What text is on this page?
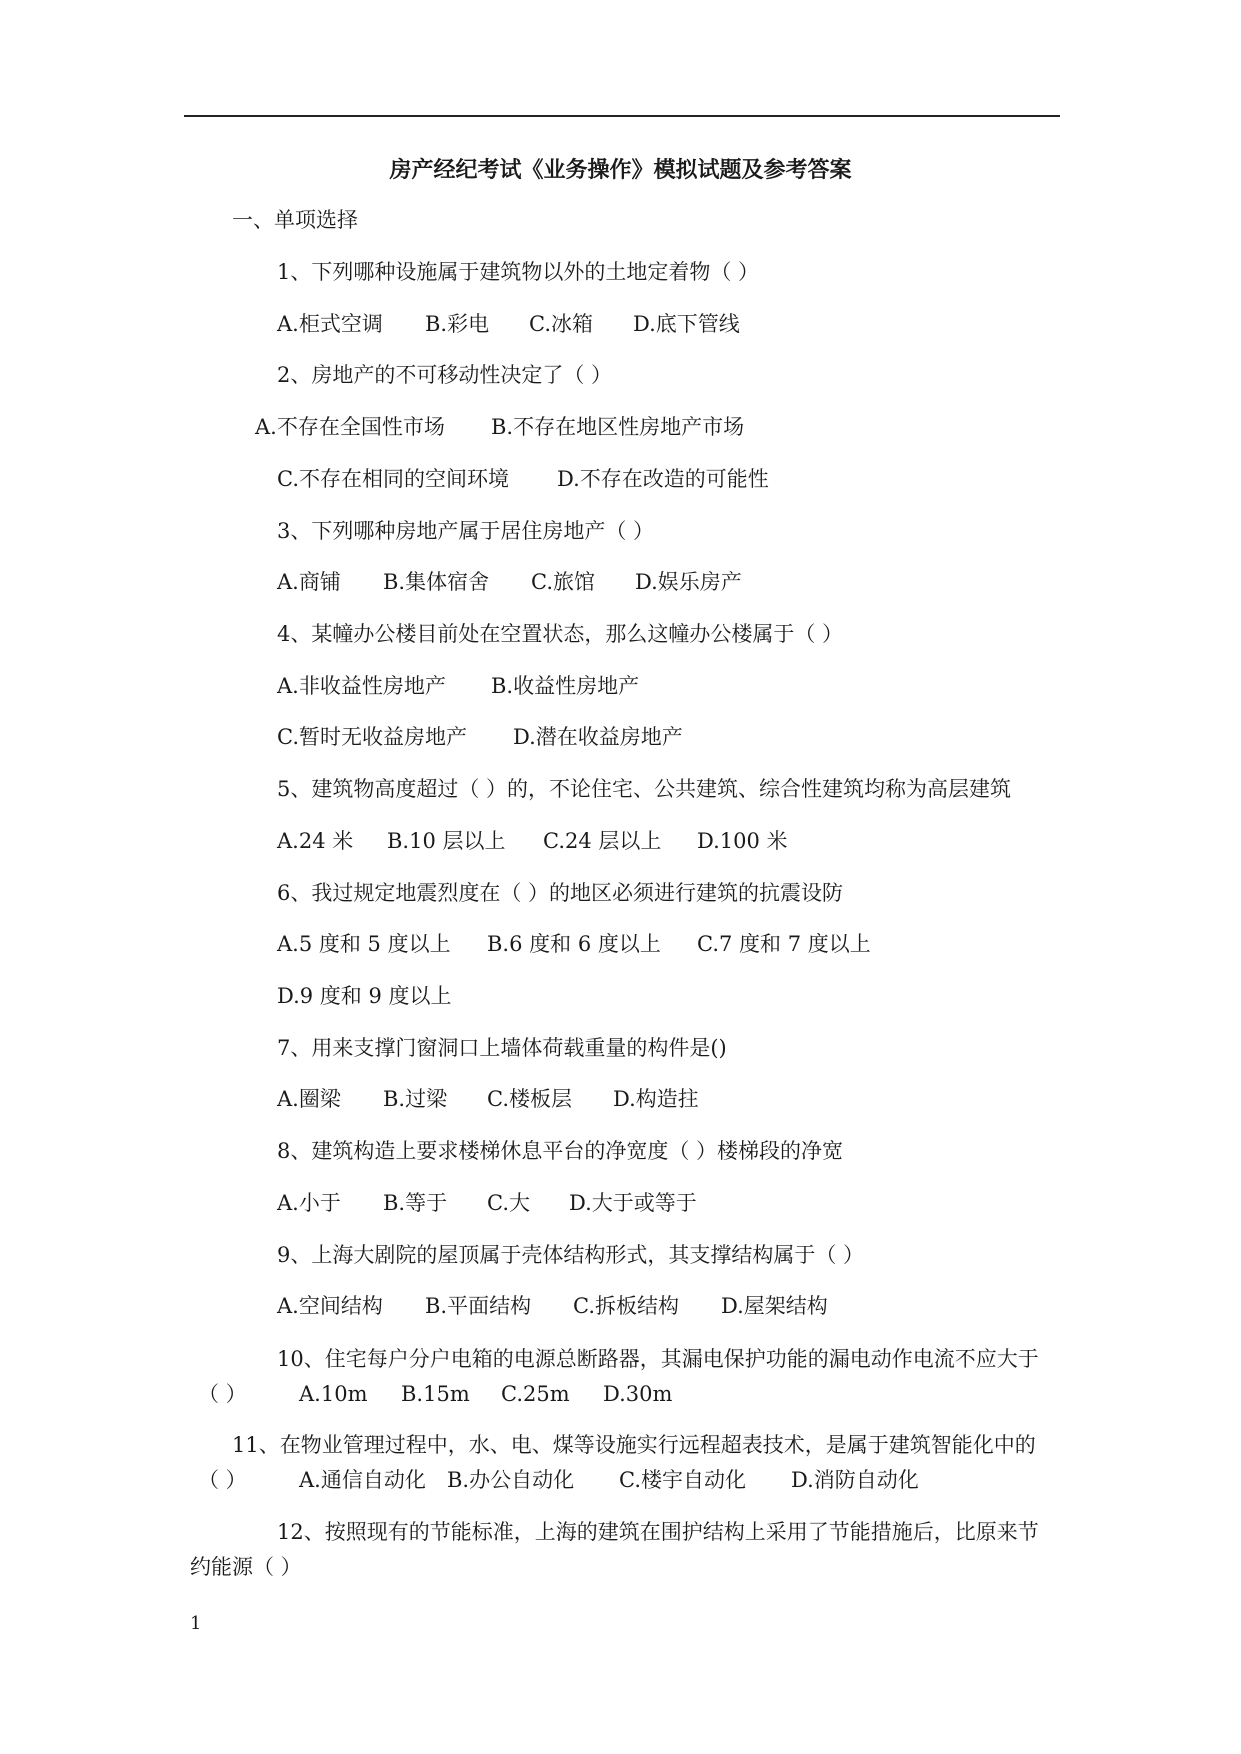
房产经纪考试《业务操作》模拟试题及参考答案
一、单项选择
1、下列哪种设施属于建筑物以外的土地定着物（ ）
A.柜式空调 B.彩电 C.冰箱 D.底下管线
2、房地产的不可移动性决定了（ ）
A.不存在全国性市场 B.不存在地区性房地产市场
C.不存在相同的空间环境 D.不存在改造的可能性
3、下列哪种房地产属于居住房地产（ ）
A.商铺 B.集体宿舍 C.旅馆 D.娱乐房产
4、某幢办公楼目前处在空置状态，那么这幢办公楼属于（ ）
A.非收益性房地产 B.收益性房地产
C.暂时无收益房地产 D.潜在收益房地产
5、建筑物高度超过（ ）的，不论住宅、公共建筑、综合性建筑均称为高层建筑
A.24 米 B.10 层以上 C.24 层以上 D.100 米
6、我过规定地震烈度在（ ）的地区必须进行建筑的抗震设防
A.5 度和 5 度以上 B.6 度和 6 度以上 C.7 度和 7 度以上
D.9 度和 9 度以上
7、用来支撑门窗洞口上墙体荷载重量的构件是()
A.圈梁 B.过梁 C.楼板层 D.构造拄
8、建筑构造上要求楼梯休息平台的净宽度（ ）楼梯段的净宽
A.小于 B.等于 C.大 D.大于或等于
9、上海大剧院的屋顶属于壳体结构形式，其支撑结构属于（ ）
A.空间结构 B.平面结构 C.拆板结构 D.屋架结构
10、住宅每户分户电箱的电源总断路器，其漏电保护功能的漏电动作电流不应大于
（ ） A.10m B.15m C.25m D.30m
11、在物业管理过程中，水、电、煤等设施实行远程超表技术，是属于建筑智能化中的
（ ） A.通信自动化 B.办公自动化 C.楼宇自动化 D.消防自动化
12、按照现有的节能标准，上海的建筑在围护结构上采用了节能措施后，比原来节
约能源（ ）
1
